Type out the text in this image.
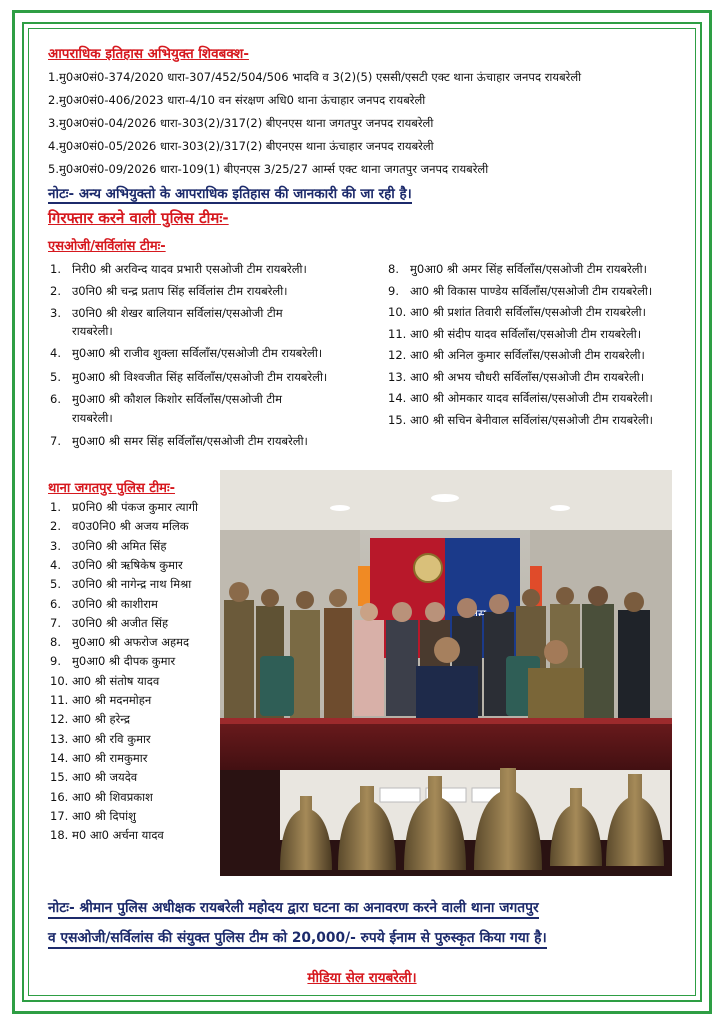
आपराधिक इतिहास अभियुक्त शिवबक्श-
1.मु0अ0सं0-374/2020 धारा-307/452/504/506 भादवि व 3(2)(5) एससी/एसटी एक्ट थाना ऊंचाहार जनपद रायबरेली
2.मु0अ0सं0-406/2023 धारा-4/10 वन संरक्षण अधि0 थाना ऊंचाहार जनपद रायबरेली
3.मु0अ0सं0-04/2026 धारा-303(2)/317(2) बीएनएस थाना जगतपुर जनपद रायबरेली
4.मु0अ0सं0-05/2026 धारा-303(2)/317(2) बीएनएस थाना ऊंचाहार जनपद रायबरेली
5.मु0अ0सं0-09/2026 धारा-109(1) बीएनएस 3/25/27 आर्म्स एक्ट थाना जगतपुर जनपद रायबरेली
नोटः- अन्य अभियुक्तो के आपराधिक इतिहास की जानकारी की जा रही है।
गिरफ्तार करने वाली पुलिस टीमः-
एसओजी/सर्विलांस टीमः-
1. निरी0 श्री अरविन्द यादव प्रभारी एसओजी टीम रायबरेली।
2. उ0नि0 श्री चन्द्र प्रताप सिंह सर्विलांस टीम रायबरेली।
3. उ0नि0 श्री शेखर बालियान सर्विलांस/एसओजी टीम
रायबरेली।
4. मु0आ0 श्री राजीव शुक्ला सर्विलाँस/एसओजी टीम रायबरेली।
5. मु0आ0 श्री विश्वजीत सिंह सर्विलाँस/एसओजी टीम रायबरेली।
6. मु0आ0 श्री कौशल किशोर सर्विलाँस/एसओजी टीम
रायबरेली।
7. मु0आ0 श्री समर सिंह सर्विलाँस/एसओजी टीम रायबरेली।
8. मु0आ0 श्री अमर सिंह सर्विलाँस/एसओजी टीम रायबरेली।
9. आ0 श्री विकास पाण्डेय सर्विलाँस/एसओजी टीम रायबरेली।
10. आ0 श्री प्रशांत तिवारी सर्विलाँस/एसओजी टीम रायबरेली।
11. आ0 श्री संदीप यादव सर्विलाँस/एसओजी टीम रायबरेली।
12. आ0 श्री अनिल कुमार सर्विलाँस/एसओजी टीम रायबरेली।
13. आ0 श्री अभय चौधरी सर्विलाँस/एसओजी टीम रायबरेली।
14. आ0 श्री ओमकार यादव सर्विलांस/एसओजी टीम रायबरेली।
15. आ0 श्री सचिन बेनीवाल सर्विलांस/एसओजी टीम रायबरेली।
थाना जगतपुर पुलिस टीमः-
1. प्र0नि0 श्री पंकज कुमार त्यागी
2. व0उ0नि0 श्री अजय मलिक
3. उ0नि0 श्री अमित सिंह
4. उ0नि0 श्री ऋषिकेष कुमार
5. उ0नि0 श्री नागेन्द्र नाथ मिश्रा
6. उ0नि0 श्री काशीराम
7. उ0नि0 श्री अजीत सिंह
8. मु0आ0 श्री अफरोज अहमद
9. मु0आ0 श्री दीपक कुमार
10. आ0 श्री संतोष यादव
11. आ0 श्री मदनमोहन
12. आ0 श्री हरेन्द्र
13. आ0 श्री रवि कुमार
14. आ0 श्री रामकुमार
15. आ0 श्री जयदेव
16. आ0 श्री शिवप्रकाश
17. आ0 श्री दिपांशु
18. म0 आ0 अर्चना यादव
नोटः- श्रीमान पुलिस अधीक्षक रायबरेली महोदय द्वारा घटना का अनावरण करने वाली थाना जगतपुर
व एसओजी/सर्विलांस की संयुक्त पुलिस टीम को 20,000/- रुपये ईनाम से पुरुस्कृत किया गया है।
मीडिया सेल रायबरेली।
